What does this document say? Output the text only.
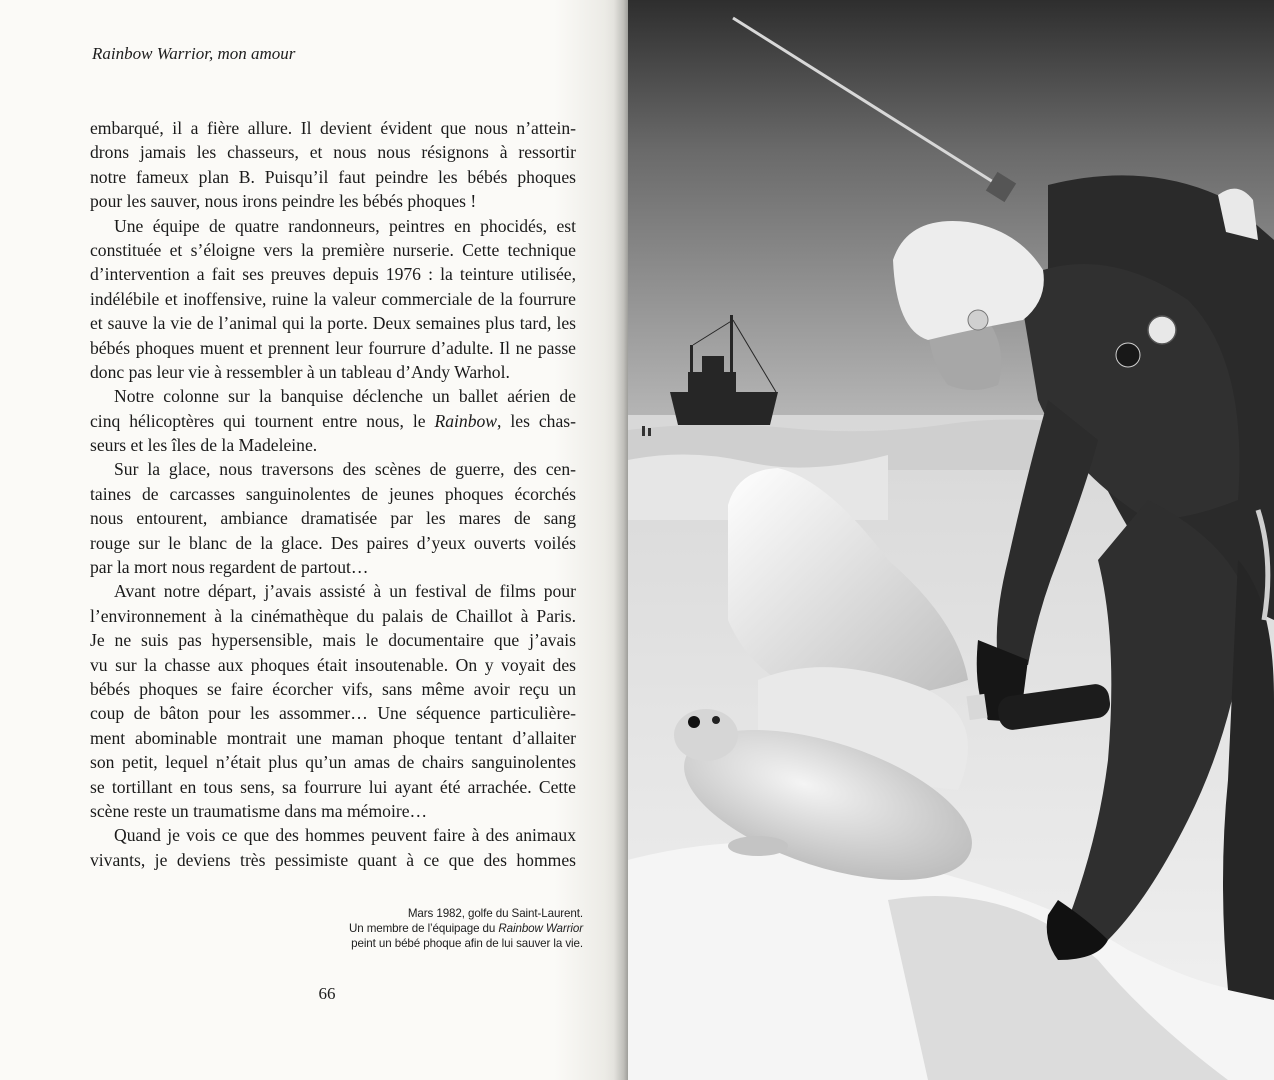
Rainbow Warrior, mon amour
embarqué, il a fière allure. Il devient évident que nous n’attein-
drons jamais les chasseurs, et nous nous résignons à ressortir
notre fameux plan B. Puisqu’il faut peindre les bébés phoques
pour les sauver, nous irons peindre les bébés phoques !
Une équipe de quatre randonneurs, peintres en phocidés, est
constituée et s’éloigne vers la première nurserie. Cette technique
d’intervention a fait ses preuves depuis 1976 : la teinture utilisée,
indélébile et inoffensive, ruine la valeur commerciale de la fourrure
et sauve la vie de l’animal qui la porte. Deux semaines plus tard, les
bébés phoques muent et prennent leur fourrure d’adulte. Il ne passe
donc pas leur vie à ressembler à un tableau d’Andy Warhol.
Notre colonne sur la banquise déclenche un ballet aérien de
cinq hélicoptères qui tournent entre nous, le Rainbow, les chas-
seurs et les îles de la Madeleine.
Sur la glace, nous traversons des scènes de guerre, des cen-
taines de carcasses sanguinolentes de jeunes phoques écorchés
nous entourent, ambiance dramatisée par les mares de sang
rouge sur le blanc de la glace. Des paires d’yeux ouverts voilés
par la mort nous regardent de partout…
Avant notre départ, j’avais assisté à un festival de films pour
l’environnement à la cinémathèque du palais de Chaillot à Paris.
Je ne suis pas hypersensible, mais le documentaire que j’avais
vu sur la chasse aux phoques était insoutenable. On y voyait des
bébés phoques se faire écorcher vifs, sans même avoir reçu un
coup de bâton pour les assommer… Une séquence particulière-
ment abominable montrait une maman phoque tentant d’allaiter
son petit, lequel n’était plus qu’un amas de chairs sanguinolentes
se tortillant en tous sens, sa fourrure lui ayant été arrachée. Cette
scène reste un traumatisme dans ma mémoire…
Quand je vois ce que des hommes peuvent faire à des animaux
vivants, je deviens très pessimiste quant à ce que des hommes
Mars 1982, golfe du Saint-Laurent.
Un membre de l’équipage du Rainbow Warrior
peint un bébé phoque afin de lui sauver la vie.
66
